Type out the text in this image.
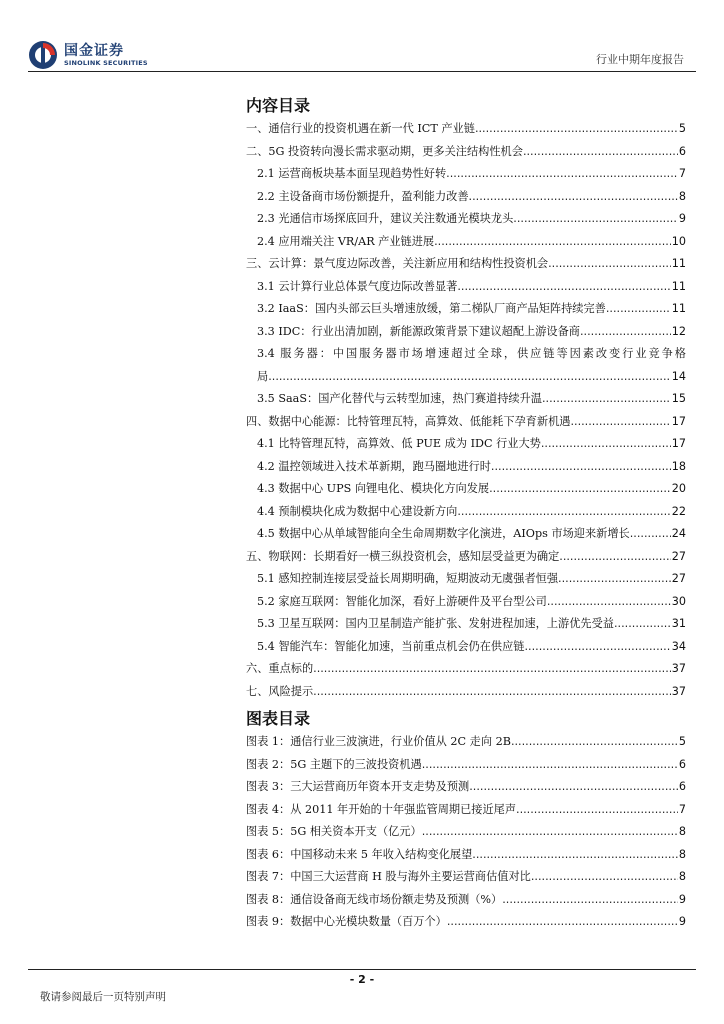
国金证券
SINOLINK SECURITIES	行业中期年度报告
内容目录
一、通信行业的投资机遇在新一代 ICT 产业链 .....	5
二、5G 投资转向漫长需求驱动期，更多关注结构性机会 .....	6
2.1 运营商板块基本面呈现趋势性好转 .....	7
2.2 主设备商市场份额提升，盈利能力改善 .....	8
2.3 光通信市场探底回升，建议关注数通光模块龙头 .....	9
2.4 应用端关注 VR/AR 产业链进展 .....	10
三、云计算：景气度边际改善，关注新应用和结构性投资机会 .....	11
3.1 云计算行业总体景气度边际改善显著 .....	11
3.2 IaaS：国内头部云巨头增速放缓，第二梯队厂商产品矩阵持续完善 .....	11
3.3 IDC：行业出清加剧，新能源政策背景下建议超配上游设备商 .....	12
3.4 服务器：中国服务器市场增速超过全球，供应链等因素改变行业竞争格
局 .....	14
3.5 SaaS：国产化替代与云转型加速，热门赛道持续升温 .....	15
四、数据中心能源：比特管理瓦特，高算效、低能耗下孕育新机遇 .....	17
4.1 比特管理瓦特，高算效、低 PUE 成为 IDC 行业大势 .....	17
4.2 温控领域进入技术革新期，跑马圈地进行时 .....	18
4.3 数据中心 UPS 向锂电化、模块化方向发展 .....	20
4.4 预制模块化成为数据中心建设新方向 .....	22
4.5 数据中心从单域智能向全生命周期数字化演进，AIOps 市场迎来新增长 .....	24
五、物联网：长期看好一横三纵投资机会，感知层受益更为确定 .....	27
5.1 感知控制连接层受益长周期明确，短期波动无虞强者恒强 .....	27
5.2 家庭互联网：智能化加深，看好上游硬件及平台型公司 .....	30
5.3 卫星互联网：国内卫星制造产能扩张、发射进程加速，上游优先受益 .....	31
5.4 智能汽车：智能化加速，当前重点机会仍在供应链 .....	34
六、重点标的 .....	37
七、风险提示 .....	37
图表目录
图表 1：通信行业三波演进，行业价值从 2C 走向 2B .....	5
图表 2：5G 主题下的三波投资机遇 .....	6
图表 3：三大运营商历年资本开支走势及预测 .....	6
图表 4：从 2011 年开始的十年强监管周期已接近尾声 .....	7
图表 5：5G 相关资本开支（亿元） .....	8
图表 6：中国移动未来 5 年收入结构变化展望 .....	8
图表 7：中国三大运营商 H 股与海外主要运营商估值对比 .....	8
图表 8：通信设备商无线市场份额走势及预测（%） .....	9
图表 9：数据中心光模块数量（百万个） .....	9
- 2 -
敬请参阅最后一页特别声明
